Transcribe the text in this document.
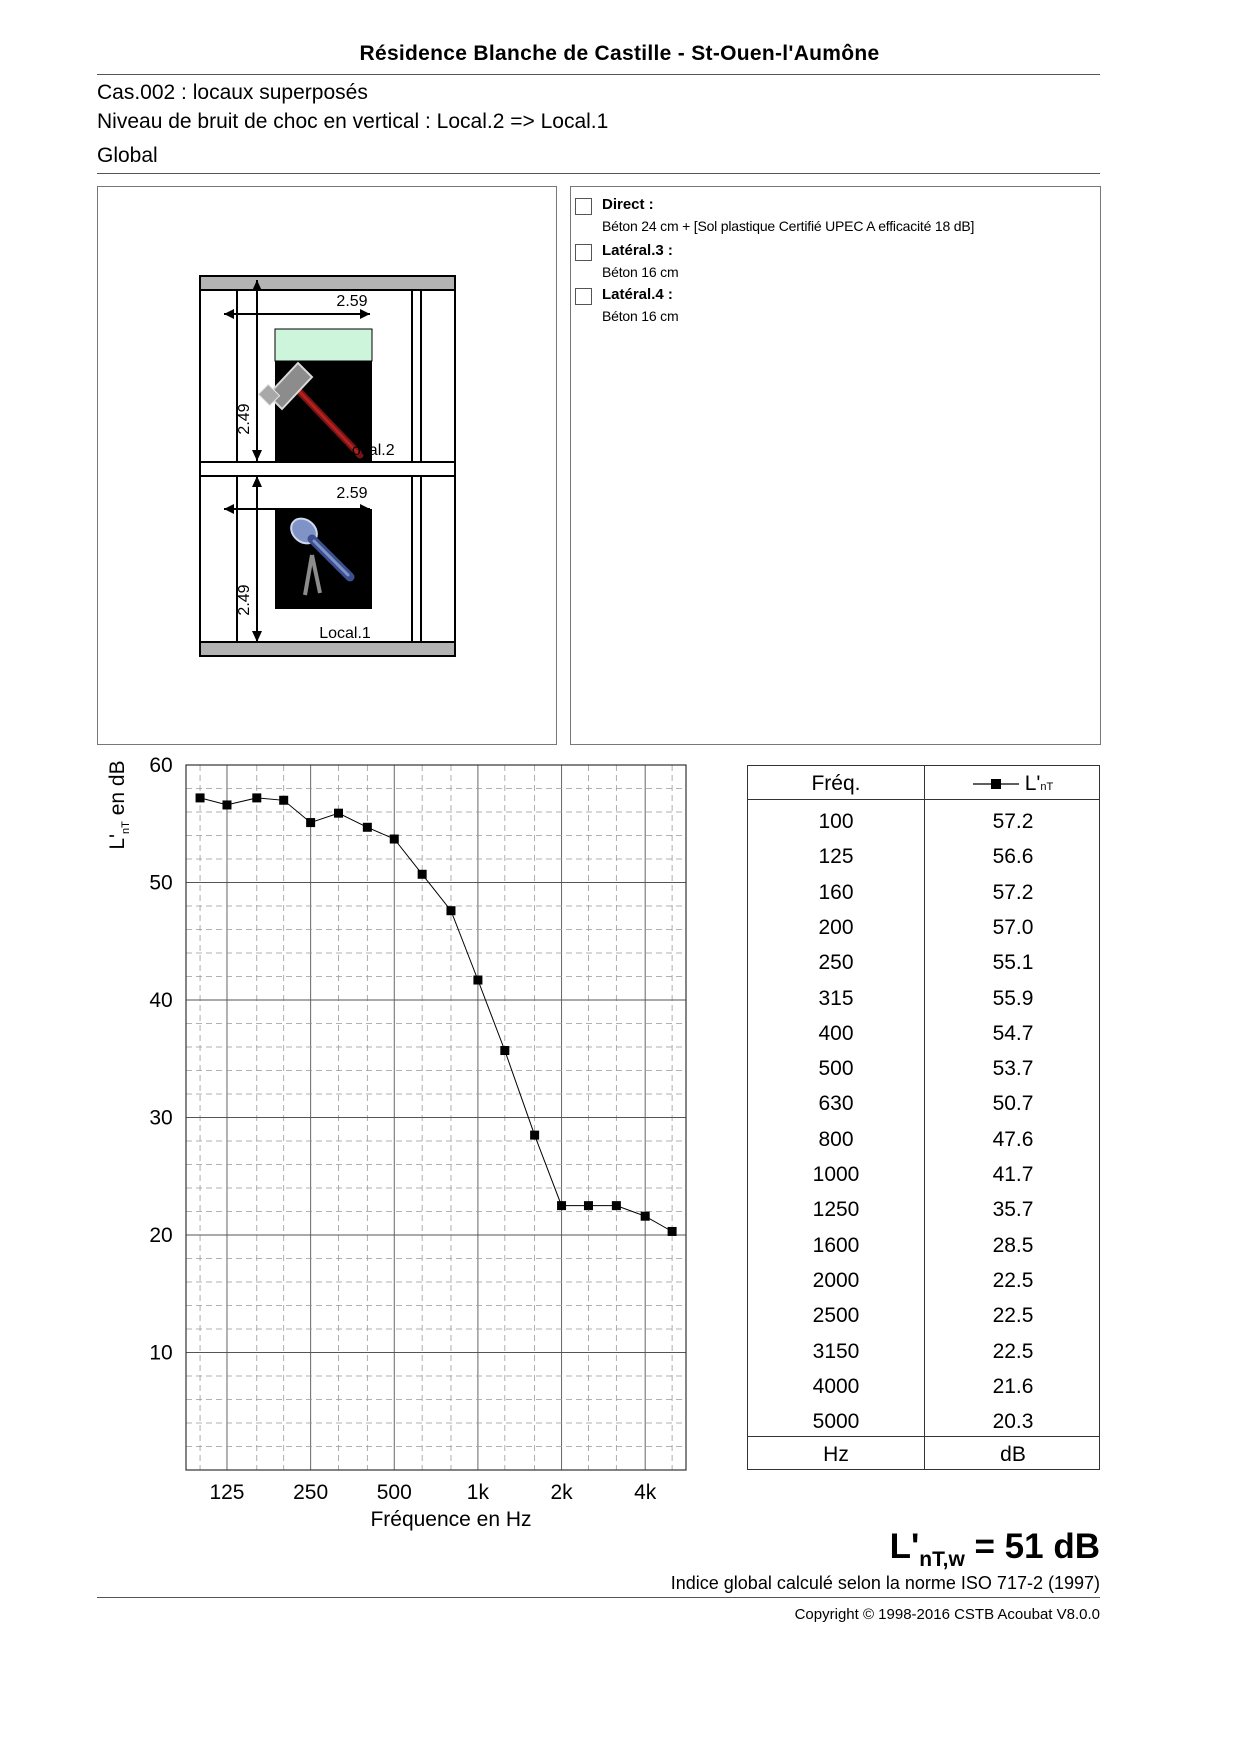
Résidence Blanche de Castille - St-Ouen-l'Aumône
Cas.002 : locaux superposés
Niveau de bruit de choc en vertical : Local.2 => Local.1
Global
2.59
2.49
Local.2
2.59
2.49
Local.1
Direct :
Béton 24 cm + [Sol plastique Certifié UPEC A efficacité 18 dB]
Latéral.3 :
Béton 16 cm
Latéral.4 :
Béton 16 cm
10
20
30
40
50
60
125 250 500	1k	2k	4k
$L'_{nT}$ en dB
Fréquence en Hz
Fréq.	L'nT
100	57.2
125	56.6
160	57.2
200	57.0
250	55.1
315	55.9
400	54.7
500	53.7
630	50.7
800	47.6
1000	41.7
1250	35.7
1600	28.5
2000	22.5
2500	22.5
3150	22.5
4000	21.6
5000	20.3
Hz	dB
$L'_{nT,w} = 51$ dB
Indice global calculé selon la norme ISO 717-2 (1997)
Copyright © 1998-2016 CSTB Acoubat V8.0.0
